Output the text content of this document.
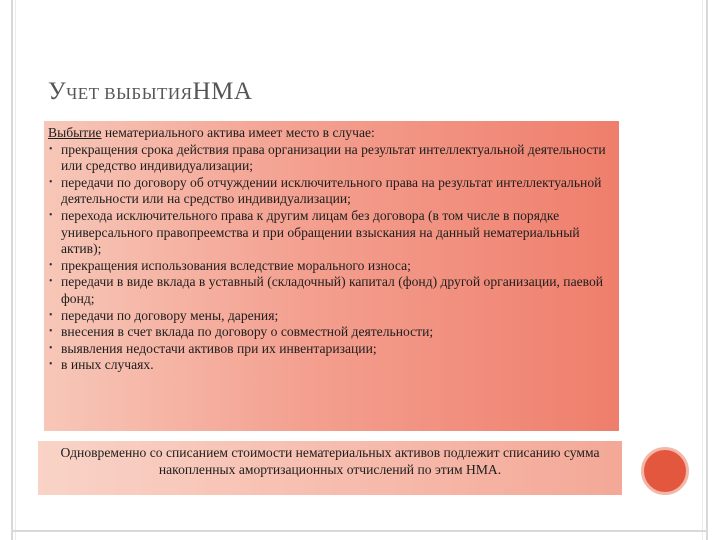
УЧЕТ ВЫБЫТИЯНМА

Выбытие нематериального актива имеет место в случае:

• прекращения срока действия права организации на результат интеллектуальной деятельности или средство индивидуализации;
• передачи по договору об отчуждении исключительного права на результат интеллектуальной деятельности или на средство индивидуализации;
• перехода исключительного права к другим лицам без договора (в том числе в порядке универсального правопреемства и при обращении взыскания на данный нематериальный актив);
• прекращения использования вследствие морального износа;
• передачи в виде вклада в уставный (складочный) капитал (фонд) другой организации, паевой фонд;
• передачи по договору мены, дарения;
• внесения в счет вклада по договору о совместной деятельности;
• выявления недостачи активов при их инвентаризации;
• в иных случаях.
Одновременно со списанием стоимости нематериальных активов подлежит списанию сумма накопленных амортизационных отчислений по этим НМА.
